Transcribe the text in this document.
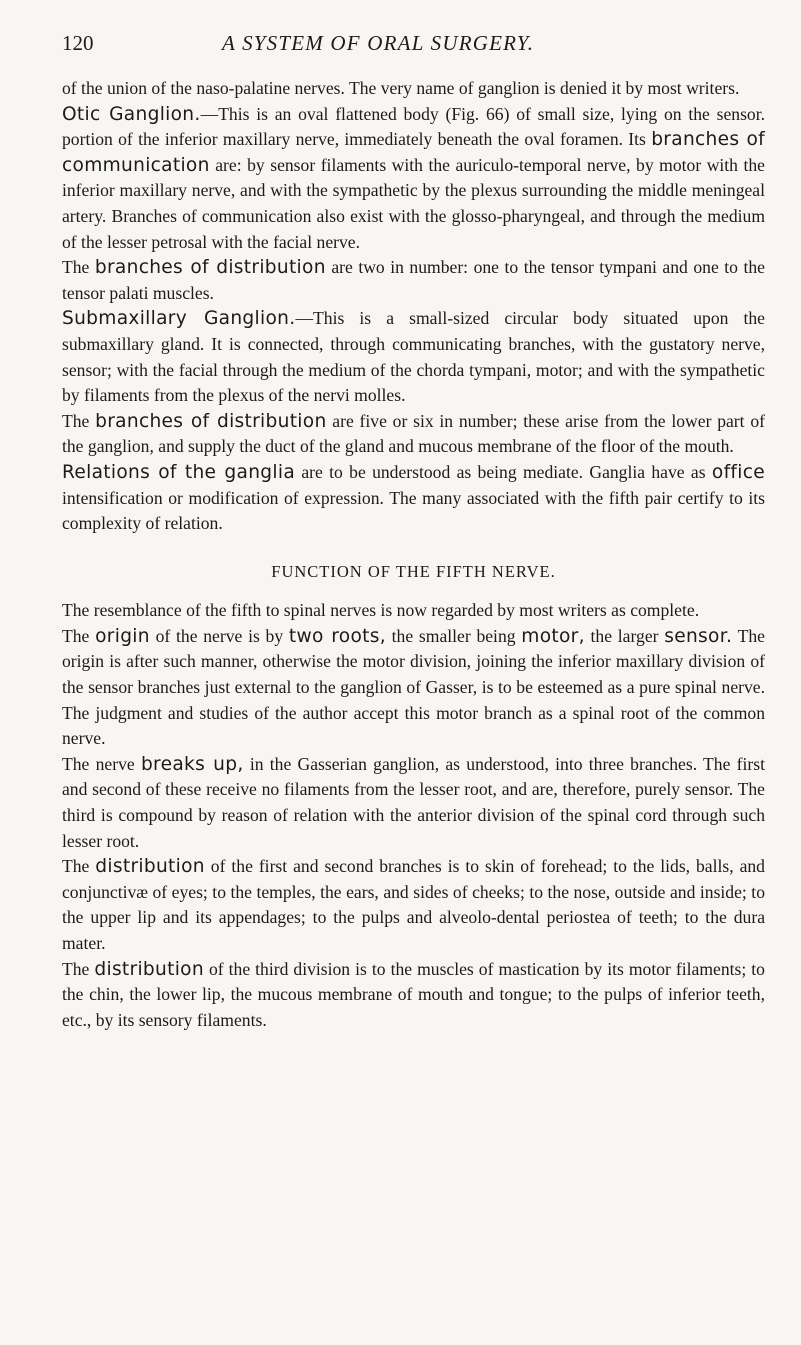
120	A SYSTEM OF ORAL SURGERY.

of the union of the naso-palatine nerves. The very name of ganglion is denied it by most writers.

Otic Ganglion.—This is an oval flattened body (Fig. 66) of small size, lying on the sensor. portion of the inferior maxillary nerve, immediately beneath the oval foramen. Its branches of communication are: by sensor filaments with the auriculo-temporal nerve, by motor with the inferior maxillary nerve, and with the sympathetic by the plexus surrounding the middle meningeal artery. Branches of communication also exist with the glosso-pharyngeal, and through the medium of the lesser petrosal with the facial nerve.

The branches of distribution are two in number: one to the tensor tympani and one to the tensor palati muscles.

Submaxillary Ganglion.—This is a small-sized circular body situated upon the submaxillary gland. It is connected, through communicating branches, with the gustatory nerve, sensor; with the facial through the medium of the chorda tympani, motor; and with the sympathetic by filaments from the plexus of the nervi molles.

The branches of distribution are five or six in number; these arise from the lower part of the ganglion, and supply the duct of the gland and mucous membrane of the floor of the mouth.

Relations of the ganglia are to be understood as being mediate. Ganglia have as office intensification or modification of expression. The many associated with the fifth pair certify to its complexity of relation.

FUNCTION OF THE FIFTH NERVE.

The resemblance of the fifth to spinal nerves is now regarded by most writers as complete.

The origin of the nerve is by two roots, the smaller being motor, the larger sensor. The origin is after such manner, otherwise the motor division, joining the inferior maxillary division of the sensor branches just external to the ganglion of Gasser, is to be esteemed as a pure spinal nerve. The judgment and studies of the author accept this motor branch as a spinal root of the common nerve.

The nerve breaks up, in the Gasserian ganglion, as understood, into three branches. The first and second of these receive no filaments from the lesser root, and are, therefore, purely sensor. The third is compound by reason of relation with the anterior division of the spinal cord through such lesser root.

The distribution of the first and second branches is to skin of forehead; to the lids, balls, and conjunctivæ of eyes; to the temples, the ears, and sides of cheeks; to the nose, outside and inside; to the upper lip and its appendages; to the pulps and alveolo-dental periostea of teeth; to the dura mater.

The distribution of the third division is to the muscles of mastication by its motor filaments; to the chin, the lower lip, the mucous membrane of mouth and tongue; to the pulps of inferior teeth, etc., by its sensory filaments.
